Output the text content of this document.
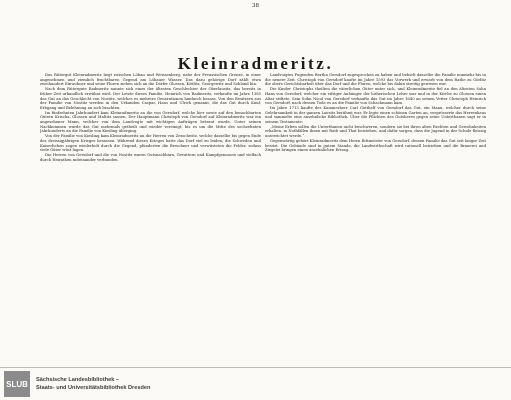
38
Kleinradmeritz.
Das Rittergut Kleinradmeritz liegt zwischen Löbau und Weissenberg, nahe der Preussischen Grenze, in einer angenehmen und ziemlich fruchtbaren Gegend am Löbauer Wasser. Das dazu gehörige Dorf zählt etwa zweihundert Einwohner und seine Fluren ziehen sich an die Dörfer Glossen, Kittlitz, Georgewitz und Sohland hin.
Nach dem Rittergute Radmeritz nannte sich eines der ältesten Geschlechter der Oberlausitz, das bereits in früher Zeit urkundlich erwähnt wird. Der Letzte dieses Familie, Heinrich von Radmeritz, verkaufte im Jahre 1385 das Gut an das Geschlecht von Nostitz, welches es mehrere Generationen hindurch besass. Von den Besitzern aus der Familie von Nostitz werden in den Urkunden Caspar, Hans und Ulrich genannt, die das Gut durch Kauf, Erbgang und Belehnung an sich brachten.
Im fünfzehnten Jahrhundert kam Kleinradmeritz an die von Gersdorf, welche hier sowie auf den benachbarten Gütern Krischa, Glossen und Maltitz sassen. Der Hauptmann Christoph von Gersdorf auf Kleinradmeritz war ein angesehener Mann, welcher von dem Landvogte mit wichtigen Aufträgen betraut wurde. Unter seinen Nachkommen wurde das Gut mehrmals getheilt und wieder vereinigt, bis es um die Mitte des sechzehnten Jahrhunderts an die Familie von Kiesling überging.
Von der Familie von Kiesling kam Kleinradmeritz an die Herren von Zezschwitz, welche dasselbe bis gegen Ende des dreissigjährigen Krieges besassen. Während dieses Krieges hatte das Dorf viel zu leiden; die Schweden und Kaiserlichen zogen wiederholt durch die Gegend, plünderten die Bewohner und verwüsteten die Felder, sodass viele Güter wüst lagen.
Die Herren von Gersdorf und die von Nostitz waren Gutsnachbarn, Gevattern und Kampfgenossen und vielfach durch Heirathen miteinander verbunden.
Landvoigtes Fugenden Bertha Gersdorf zugesprochen zu haben und behielt dasselbe die Familie nunmehr bis in die neuere Zeit. Christoph von Gersdorf kaufte im Jahre 1593 das Vorwerk und erwarb von dem Rathe zu Görlitz die obere Gerichtsbarkeit über das Dorf und die Fluren, welche bis dahin streitig gewesen war.
Die Kinder Christophs theilten die väterlichen Güter unter sich, und Kleinradmeritz fiel an den ältesten Sohn Hans von Gersdorf, welcher ein eifriger Anhänger der lutherischen Lehre war und in der Kirche zu Glossen einen Altar stiftete. Sein Sohn Nicol von Gersdorf verkaufte das Gut im Jahre 1640 an seinen Vetter Christoph Heinrich von Gersdorf, nach dessen Tode es an die Familie von Schachmann kam.
Im Jahre 1713 kaufte der Kammerherr Carl Gotthelf von Gersdorf das Gut, ein Mann, welcher durch seine Gelehrsamkeit in der ganzen Lausitz berühmt war. Er legte einen schönen Garten an, vergrösserte das Herrenhaus und sammelte eine ansehnliche Bibliothek. Über die Pflichten des Gutsherrn gegen seine Unterthanen sagt er in seinem Testamente:
„Meine Erben sollen die Unterthanen nicht beschweren, sondern sie bei ihren alten Rechten und Gewohnheiten erhalten, in Nothfällen ihnen mit Rath und That beistehen, und dafür sorgen, dass die Jugend in der Schule fleissig unterrichtet werde.“
Gegenwärtig gehört Kleinradmeritz dem Herrn Rittmeister von Gersdorf, dessen Familie das Gut seit langer Zeit besitzt. Die Gebäude sind in gutem Stande, die Landwirthschaft wird rationell betrieben und die Brauerei und Ziegelei bringen einen ansehnlichen Ertrag.
SLUB Sächsische Landesbibliothek –
Staats- und Universitätsbibliothek Dresden
